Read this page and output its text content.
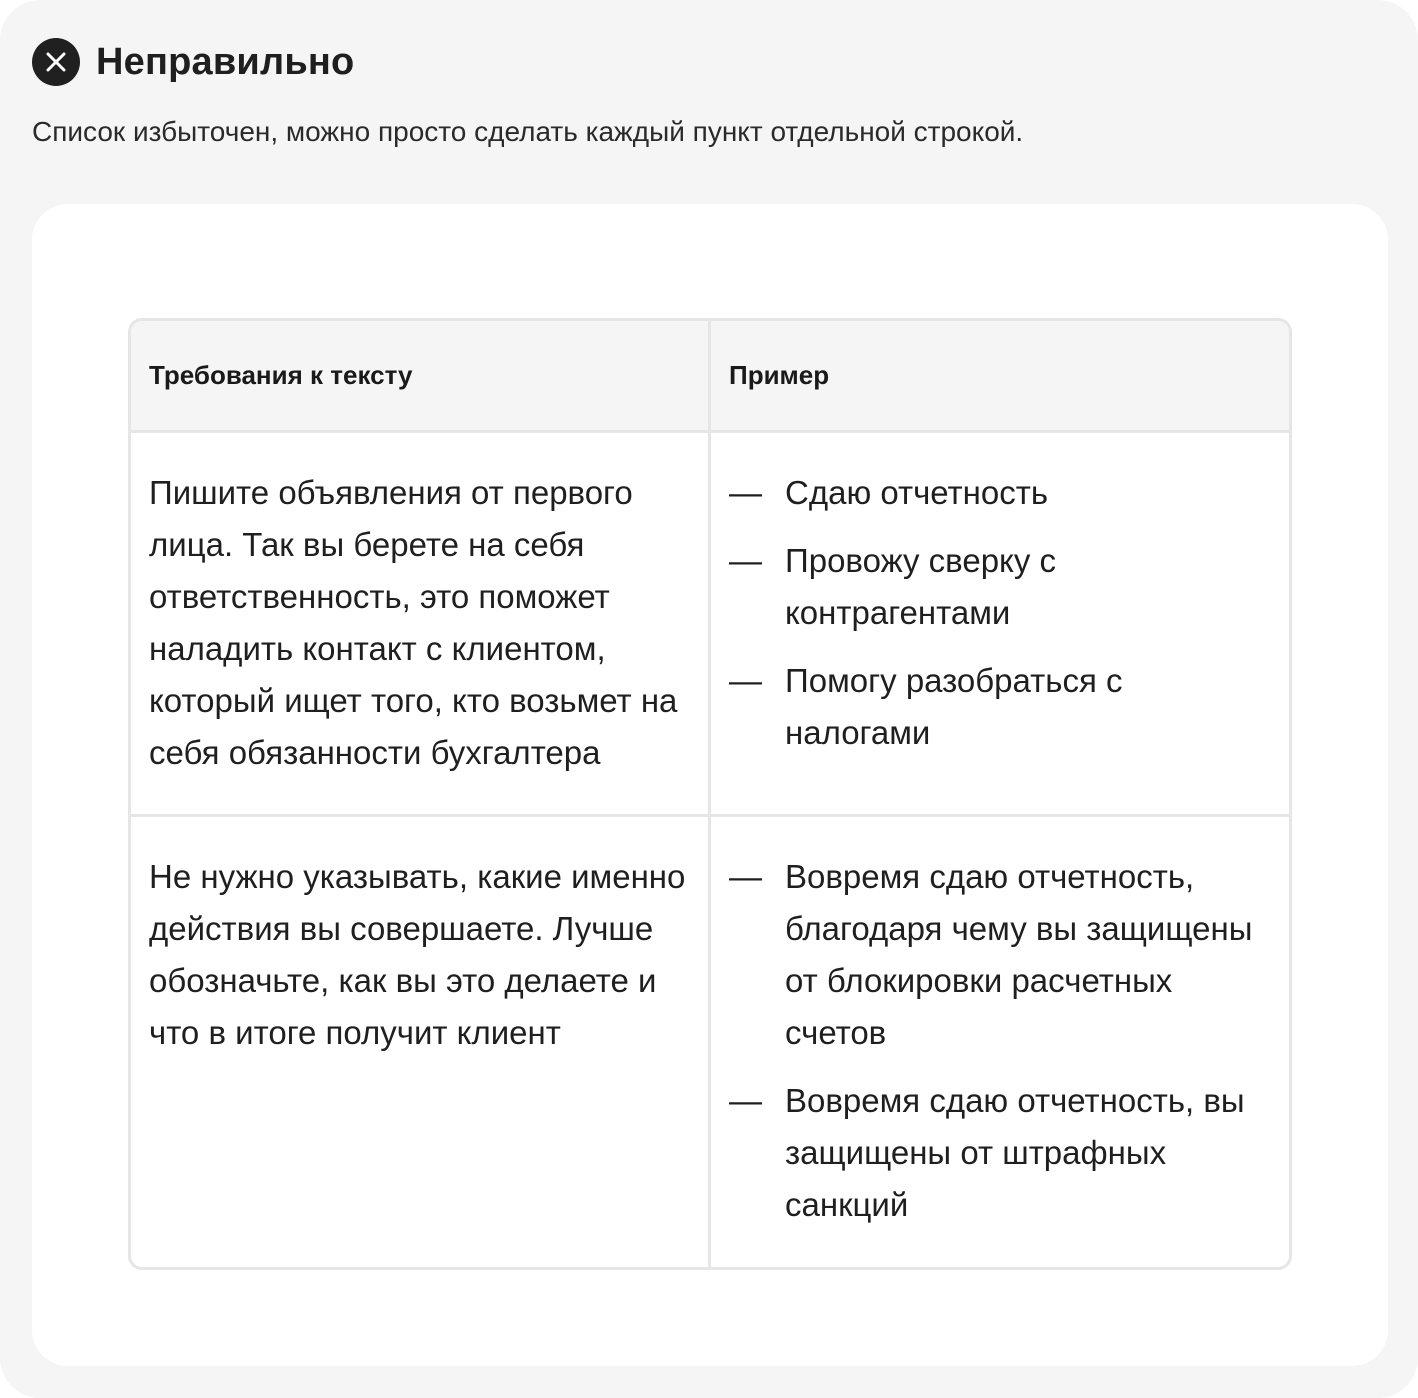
Неправильно
Список избыточен, можно просто сделать каждый пункт отдельной строкой.
Требования к тексту	Пример

Пишите объявления от первого лица. Так вы берете на себя ответственность, это поможет наладить контакт с клиентом, который ищет того, кто возьмет на себя обязанности бухгалтера

— Сдаю отчетность
— Провожу сверку с контрагентами
— Помогу разобраться с налогами

Не нужно указывать, какие именно действия вы совершаете. Лучше обозначьте, как вы это делаете и что в итоге получит клиент

— Вовремя сдаю отчетность, благодаря чему вы защищены от блокировки расчетных счетов
— Вовремя сдаю отчетность, вы защищены от штрафных санкций
